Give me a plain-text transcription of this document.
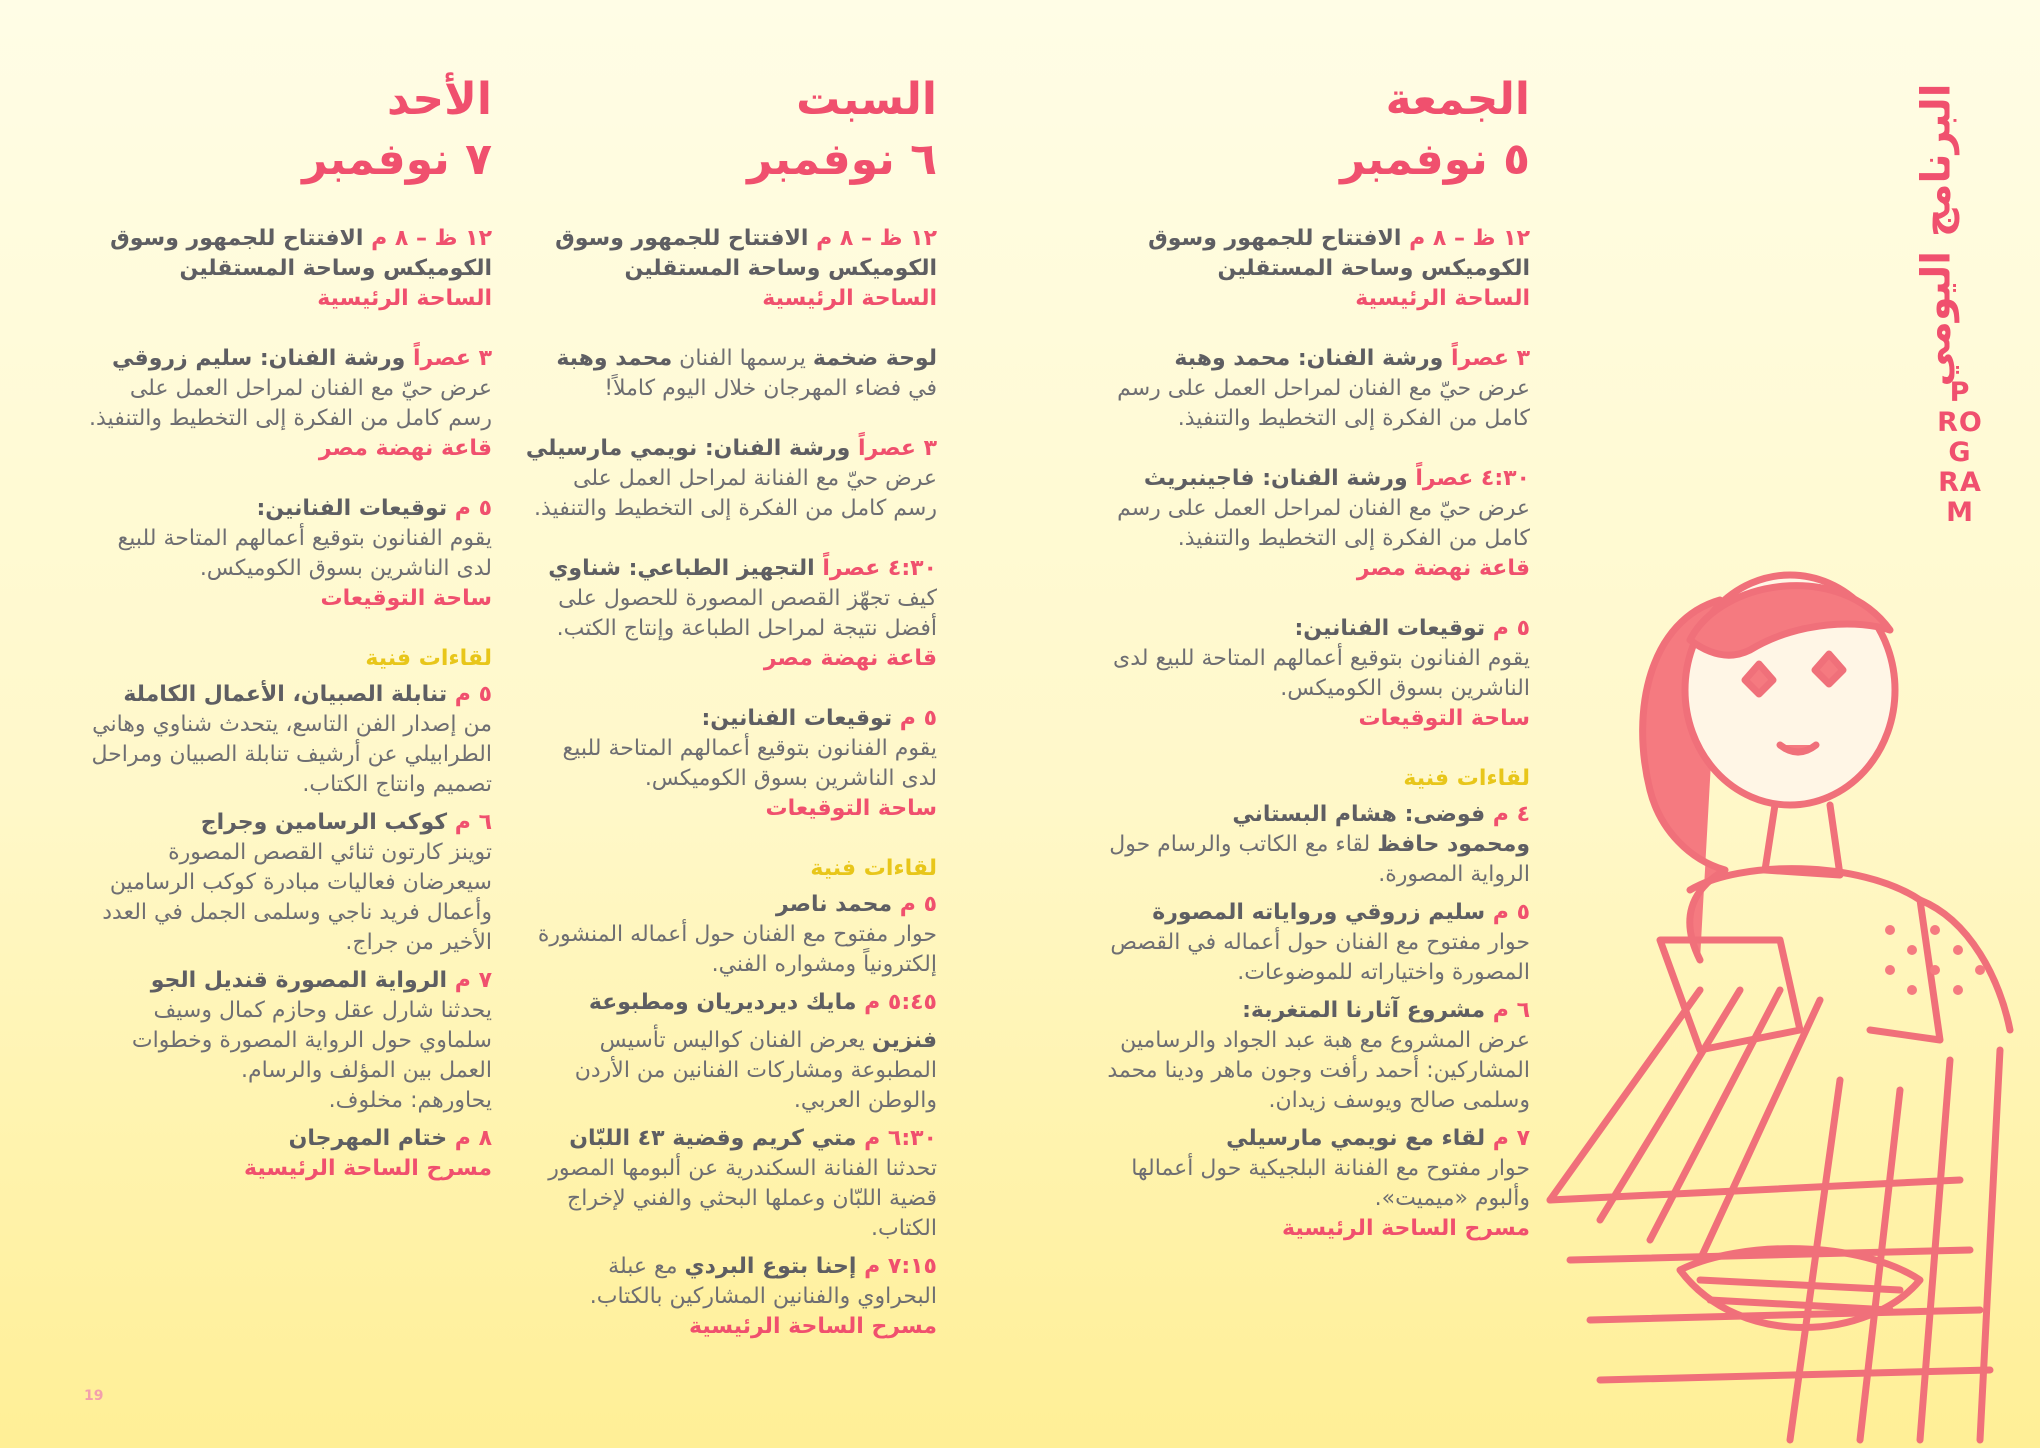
البرنامج اليومي
P
RO
G
RA
M
الجمعة
٥ نوفمبر
١٢ ظ – ٨ م الافتتاح للجمهور وسوق الكوميكس وساحة المستقلين
الساحة الرئيسية
٣ عصراً ورشة الفنان: محمد وهبة
عرض حيّ مع الفنان لمراحل العمل على رسم كامل من الفكرة إلى التخطيط والتنفيذ.
٤:٣٠ عصراً ورشة الفنان: فاجينبريث
عرض حيّ مع الفنان لمراحل العمل على رسم كامل من الفكرة إلى التخطيط والتنفيذ.
قاعة نهضة مصر
٥ م توقيعات الفنانين:
يقوم الفنانون بتوقيع أعمالهم المتاحة للبيع لدى الناشرين بسوق الكوميكس.
ساحة التوقيعات
لقاءات فنية
٤ م فوضى: هشام البستاني
ومحمود حافظ لقاء مع الكاتب والرسام حول الرواية المصورة.
٥ م سليم زروقي ورواياته المصورة
حوار مفتوح مع الفنان حول أعماله في القصص المصورة واختياراته للموضوعات.
٦ م مشروع آثارنا المتغربة:
عرض المشروع مع هبة عبد الجواد والرسامين المشاركين: أحمد رأفت وجون ماهر ودينا محمد وسلمى صالح ويوسف زيدان.
٧ م لقاء مع نويمي مارسيلي
حوار مفتوح مع الفنانة البلجيكية حول أعمالها وألبوم «ميميت».
مسرح الساحة الرئيسية
السبت
٦ نوفمبر
١٢ ظ – ٨ م الافتتاح للجمهور وسوق الكوميكس وساحة المستقلين
الساحة الرئيسية
لوحة ضخمة يرسمها الفنان محمد وهبة في فضاء المهرجان خلال اليوم كاملاً!
٣ عصراً ورشة الفنان: نويمي مارسيلي
عرض حيّ مع الفنانة لمراحل العمل على رسم كامل من الفكرة إلى التخطيط والتنفيذ.
٤:٣٠ عصراً التجهيز الطباعي: شناوي
كيف تجهّز القصص المصورة للحصول على أفضل نتيجة لمراحل الطباعة وإنتاج الكتب.
قاعة نهضة مصر
٥ م توقيعات الفنانين:
يقوم الفنانون بتوقيع أعمالهم المتاحة للبيع لدى الناشرين بسوق الكوميكس.
ساحة التوقيعات
لقاءات فنية
٥ م محمد ناصر
حوار مفتوح مع الفنان حول أعماله المنشورة إلكترونياً ومشواره الفني.
٥:٤٥ م مايك ديرديريان ومطبوعة
فنزين يعرض الفنان كواليس تأسيس المطبوعة ومشاركات الفنانين من الأردن والوطن العربي.
٦:٣٠ م متي كريم وقضية ٤٣ اللبّان
تحدثنا الفنانة السكندرية عن ألبومها المصور قضية اللبّان وعملها البحثي والفني لإخراج الكتاب.
٧:١٥ م إحنا بتوع البردي مع عبلة البحراوي والفنانين المشاركين بالكتاب.
مسرح الساحة الرئيسية
الأحد
٧ نوفمبر
١٢ ظ – ٨ م الافتتاح للجمهور وسوق الكوميكس وساحة المستقلين
الساحة الرئيسية
٣ عصراً ورشة الفنان: سليم زروقي
عرض حيّ مع الفنان لمراحل العمل على رسم كامل من الفكرة إلى التخطيط والتنفيذ.
قاعة نهضة مصر
٥ م توقيعات الفنانين:
يقوم الفنانون بتوقيع أعمالهم المتاحة للبيع لدى الناشرين بسوق الكوميكس.
ساحة التوقيعات
لقاءات فنية
٥ م تنابلة الصبيان، الأعمال الكاملة
من إصدار الفن التاسع، يتحدث شناوي وهاني الطرابيلي عن أرشيف تنابلة الصبيان ومراحل تصميم وانتاج الكتاب.
٦ م كوكب الرسامين وجراج
توينز كارتون ثنائي القصص المصورة سيعرضان فعاليات مبادرة كوكب الرسامين وأعمال فريد ناجي وسلمى الجمل في العدد الأخير من جراج.
٧ م الرواية المصورة قنديل الجو
يحدثنا شارل عقل وحازم كمال وسيف سلماوي حول الرواية المصورة وخطوات العمل بين المؤلف والرسام.
يحاورهم: مخلوف.
٨ م ختام المهرجان
مسرح الساحة الرئيسية
19
